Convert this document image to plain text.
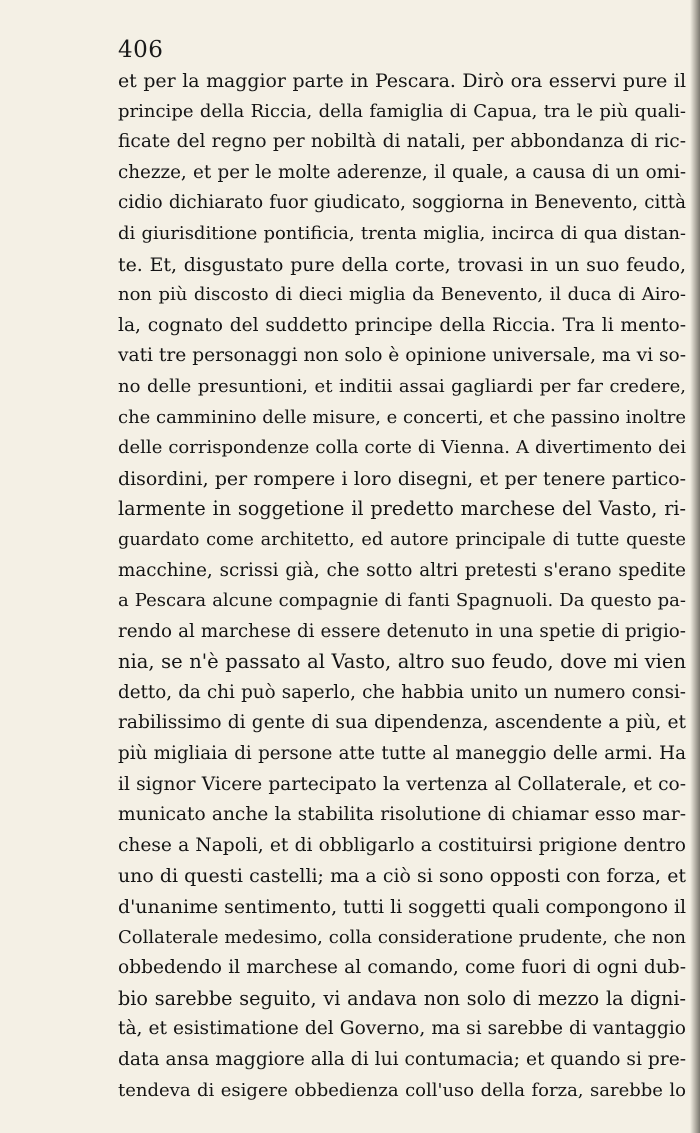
406
et per la maggior parte in Pescara. Dirò ora esservi pure il
principe della Riccia, della famiglia di Capua, tra le più quali-
ficate del regno per nobiltà di natali, per abbondanza di ric-
chezze, et per le molte aderenze, il quale, a causa di un omi-
cidio dichiarato fuor giudicato, soggiorna in Benevento, città
di giurisditione pontificia, trenta miglia, incirca di qua distan-
te. Et, disgustato pure della corte, trovasi in un suo feudo,
non più discosto di dieci miglia da Benevento, il duca di Airo-
la, cognato del suddetto principe della Riccia. Tra li mento-
vati tre personaggi non solo è opinione universale, ma vi so-
no delle presuntioni, et inditii assai gagliardi per far credere,
che camminino delle misure, e concerti, et che passino inoltre
delle corrispondenze colla corte di Vienna. A divertimento dei
disordini, per rompere i loro disegni, et per tenere partico-
larmente in soggetione il predetto marchese del Vasto, ri-
guardato come architetto, ed autore principale di tutte queste
macchine, scrissi già, che sotto altri pretesti s'erano spedite
a Pescara alcune compagnie di fanti Spagnuoli. Da questo pa-
rendo al marchese di essere detenuto in una spetie di prigio-
nia, se n'è passato al Vasto, altro suo feudo, dove mi vien
detto, da chi può saperlo, che habbia unito un numero consi-
rabilissimo di gente di sua dipendenza, ascendente a più, et
più migliaia di persone atte tutte al maneggio delle armi. Ha
il signor Vicere partecipato la vertenza al Collaterale, et co-
municato anche la stabilita risolutione di chiamar esso mar-
chese a Napoli, et di obbligarlo a costituirsi prigione dentro
uno di questi castelli; ma a ciò si sono opposti con forza, et
d'unanime sentimento, tutti li soggetti quali compongono il
Collaterale medesimo, colla consideratione prudente, che non
obbedendo il marchese al comando, come fuori di ogni dub-
bio sarebbe seguito, vi andava non solo di mezzo la digni-
tà, et esistimatione del Governo, ma si sarebbe di vantaggio
data ansa maggiore alla di lui contumacia; et quando si pre-
tendeva di esigere obbedienza coll'uso della forza, sarebbe lo
